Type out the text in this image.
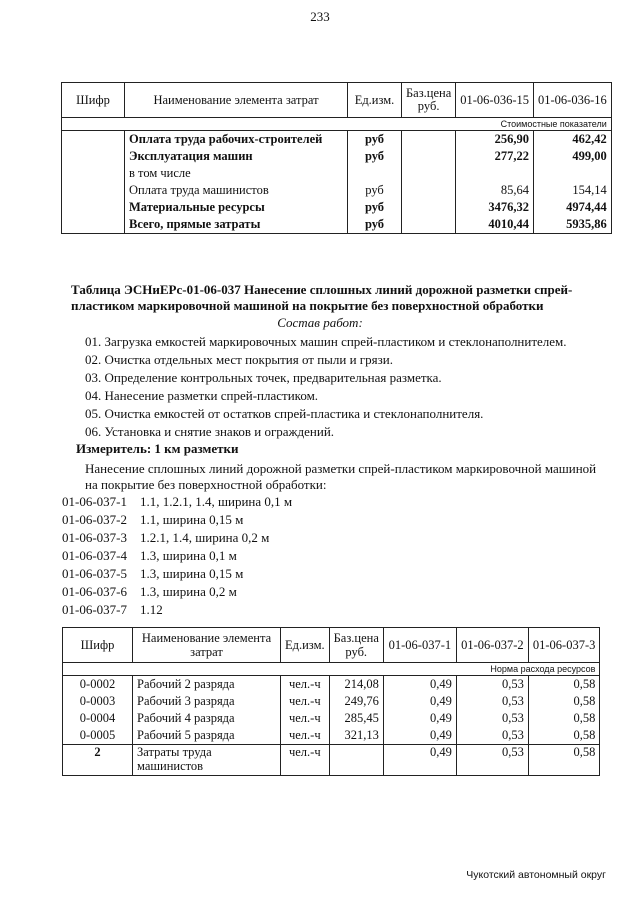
233
Шифр	Наименование элемента затрат	Ед.изм.	Баз.цена руб.	01-06-036-15	01-06-036-16
				Стоимостные показатели	
	Оплата труда рабочих-строителей	руб		256,90	462,42
	Эксплуатация машин	руб		277,22	499,00
	в том числе				
	Оплата труда машинистов	руб		85,64	154,14
	Материальные ресурсы	руб		3476,32	4974,44
	Всего, прямые затраты	руб		4010,44	5935,86
Таблица ЭСНиЕРс-01-06-037 Нанесение сплошных линий дорожной разметки спрей-пластиком маркировочной машиной на покрытие без поверхностной обработки
Состав работ:
01. Загрузка емкостей маркировочных машин спрей-пластиком и стеклонаполнителем.
02. Очистка отдельных мест покрытия от пыли и грязи.
03. Определение контрольных точек, предварительная разметка.
04. Нанесение разметки спрей-пластиком.
05. Очистка емкостей от остатков спрей-пластика и стеклонаполнителя.
06. Установка и снятие знаков и ограждений.
Измеритель: 1 км разметки
Нанесение сплошных линий дорожной разметки спрей-пластиком маркировочной машиной на покрытие без поверхностной обработки:
01-06-037-1 1.1, 1.2.1, 1.4, ширина 0,1 м
01-06-037-2 1.1, ширина 0,15 м
01-06-037-3 1.2.1, 1.4, ширина 0,2 м
01-06-037-4 1.3, ширина 0,1 м
01-06-037-5 1.3, ширина 0,15 м
01-06-037-6 1.3, ширина 0,2 м
01-06-037-7 1.12
Шифр	Наименование элемента затрат	Ед.изм.	Баз.цена руб.	01-06-037-1	01-06-037-2	01-06-037-3
					Норма расхода ресурсов	
0-0002	Рабочий 2 разряда	чел.-ч	214,08	0,49	0,53	0,58
0-0003	Рабочий 3 разряда	чел.-ч	249,76	0,49	0,53	0,58
0-0004	Рабочий 4 разряда	чел.-ч	285,45	0,49	0,53	0,58
0-0005	Рабочий 5 разряда	чел.-ч	321,13	0,49	0,53	0,58
2	Затраты труда машинистов	чел.-ч		0,49	0,53	0,58
Чукотский автономный округ
